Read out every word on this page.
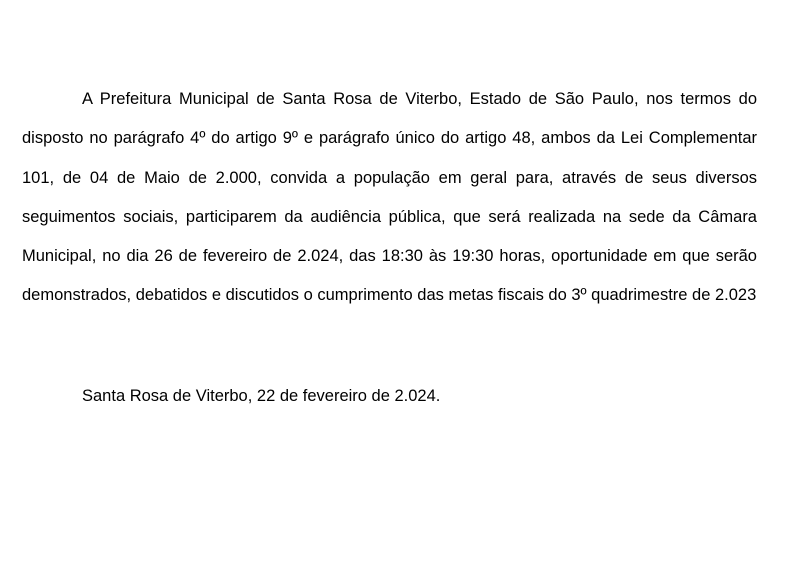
A Prefeitura Municipal de Santa Rosa de Viterbo, Estado de São Paulo, nos termos do disposto no parágrafo 4º do artigo 9º e parágrafo único do artigo 48, ambos da Lei Complementar 101, de 04 de Maio de 2.000, convida a população em geral para, através de seus diversos seguimentos sociais, participarem da audiência pública, que será realizada na sede da Câmara Municipal, no dia 26 de fevereiro de 2.024, das 18:30 às 19:30 horas, oportunidade em que serão demonstrados, debatidos e discutidos o cumprimento das metas fiscais do 3º quadrimestre de 2.023

Santa Rosa de Viterbo, 22 de fevereiro de 2.024.
